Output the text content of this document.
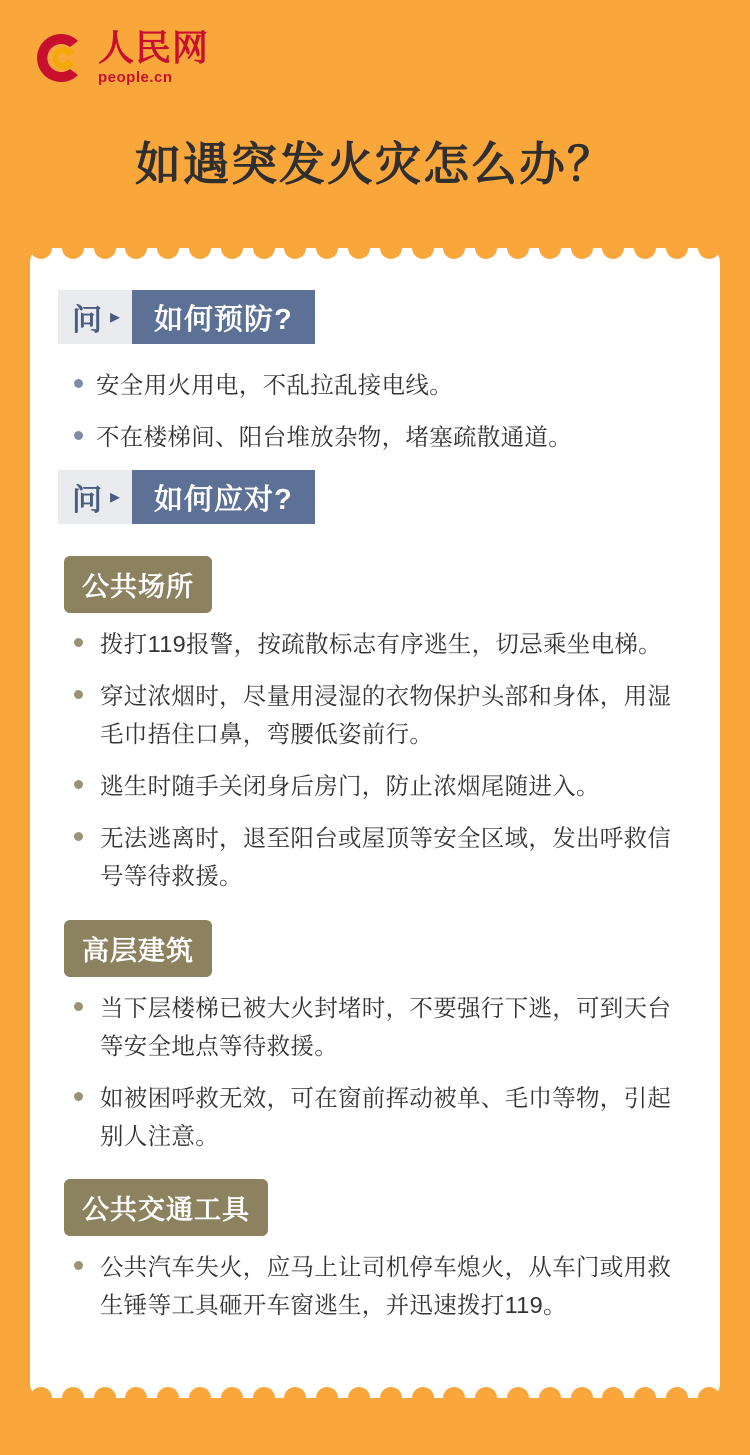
人民网
people.cn
如遇突发火灾怎么办？
问 ▸	如何预防?
安全用火用电，不乱拉乱接电线。
不在楼梯间、阳台堆放杂物，堵塞疏散通道。
问 ▸	如何应对?
公共场所
拨打119报警，按疏散标志有序逃生，切忌乘坐电梯。
穿过浓烟时，尽量用浸湿的衣物保护头部和身体，用湿毛巾捂住口鼻，弯腰低姿前行。
逃生时随手关闭身后房门，防止浓烟尾随进入。
无法逃离时，退至阳台或屋顶等安全区域，发出呼救信号等待救援。
高层建筑
当下层楼梯已被大火封堵时，不要强行下逃，可到天台等安全地点等待救援。
如被困呼救无效，可在窗前挥动被单、毛巾等物，引起别人注意。
公共交通工具
公共汽车失火，应马上让司机停车熄火，从车门或用救生锤等工具砸开车窗逃生，并迅速拨打119。
